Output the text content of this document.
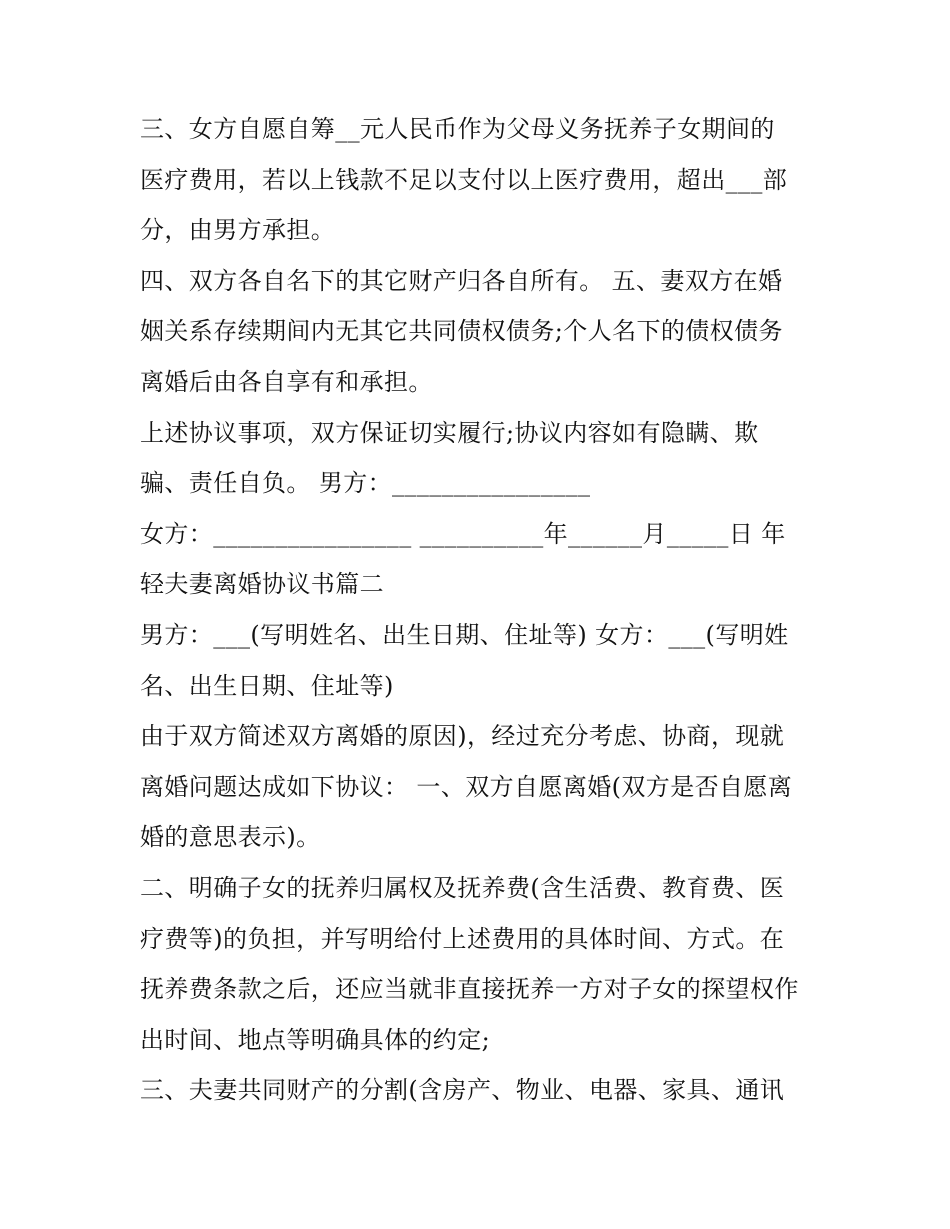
三、女方自愿自筹__元人民币作为父母义务抚养子女期间的
医疗费用，若以上钱款不足以支付以上医疗费用，超出___部
分，由男方承担。
四、双方各自名下的其它财产归各自所有。 五、妻双方在婚
姻关系存续期间内无其它共同债权债务;个人名下的债权债务
离婚后由各自享有和承担。
上述协议事项，双方保证切实履行;协议内容如有隐瞒、欺
骗、责任自负。 男方：________________
女方：________________ __________年______月_____日 年
轻夫妻离婚协议书篇二
男方：___(写明姓名、出生日期、住址等) 女方：___(写明姓
名、出生日期、住址等)
由于双方简述双方离婚的原因)，经过充分考虑、协商，现就
离婚问题达成如下协议： 一、双方自愿离婚(双方是否自愿离
婚的意思表示)。
二、明确子女的抚养归属权及抚养费(含生活费、教育费、医
疗费等)的负担，并写明给付上述费用的具体时间、方式。在
抚养费条款之后，还应当就非直接抚养一方对子女的探望权作
出时间、地点等明确具体的约定;
三、夫妻共同财产的分割(含房产、物业、电器、家具、通讯
